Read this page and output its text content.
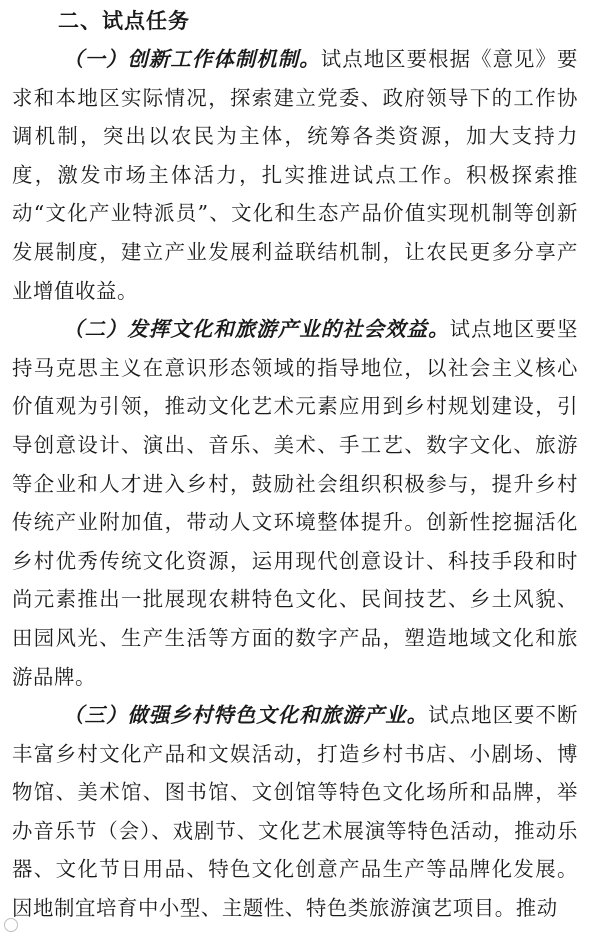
二、试点任务

（一）创新工作体制机制。试点地区要根据《意见》要求和本地区实际情况，探索建立党委、政府领导下的工作协调机制，突出以农民为主体，统筹各类资源，加大支持力度，激发市场主体活力，扎实推进试点工作。积极探索推动“文化产业特派员”、文化和生态产品价值实现机制等创新发展制度，建立产业发展利益联结机制，让农民更多分享产业增值收益。

（二）发挥文化和旅游产业的社会效益。试点地区要坚持马克思主义在意识形态领域的指导地位，以社会主义核心价值观为引领，推动文化艺术元素应用到乡村规划建设，引导创意设计、演出、音乐、美术、手工艺、数字文化、旅游等企业和人才进入乡村，鼓励社会组织积极参与，提升乡村传统产业附加值，带动人文环境整体提升。创新性挖掘活化乡村优秀传统文化资源，运用现代创意设计、科技手段和时尚元素推出一批展现农耕特色文化、民间技艺、乡土风貌、田园风光、生产生活等方面的数字产品，塑造地域文化和旅游品牌。

（三）做强乡村特色文化和旅游产业。试点地区要不断丰富乡村文化产品和文娱活动，打造乡村书店、小剧场、博物馆、美术馆、图书馆、文创馆等特色文化场所和品牌，举办音乐节（会）、戏剧节、文化艺术展演等特色活动，推动乐器、文化节日用品、特色文化创意产品生产等品牌化发展。因地制宜培育中小型、主题性、特色类旅游演艺项目。推动
